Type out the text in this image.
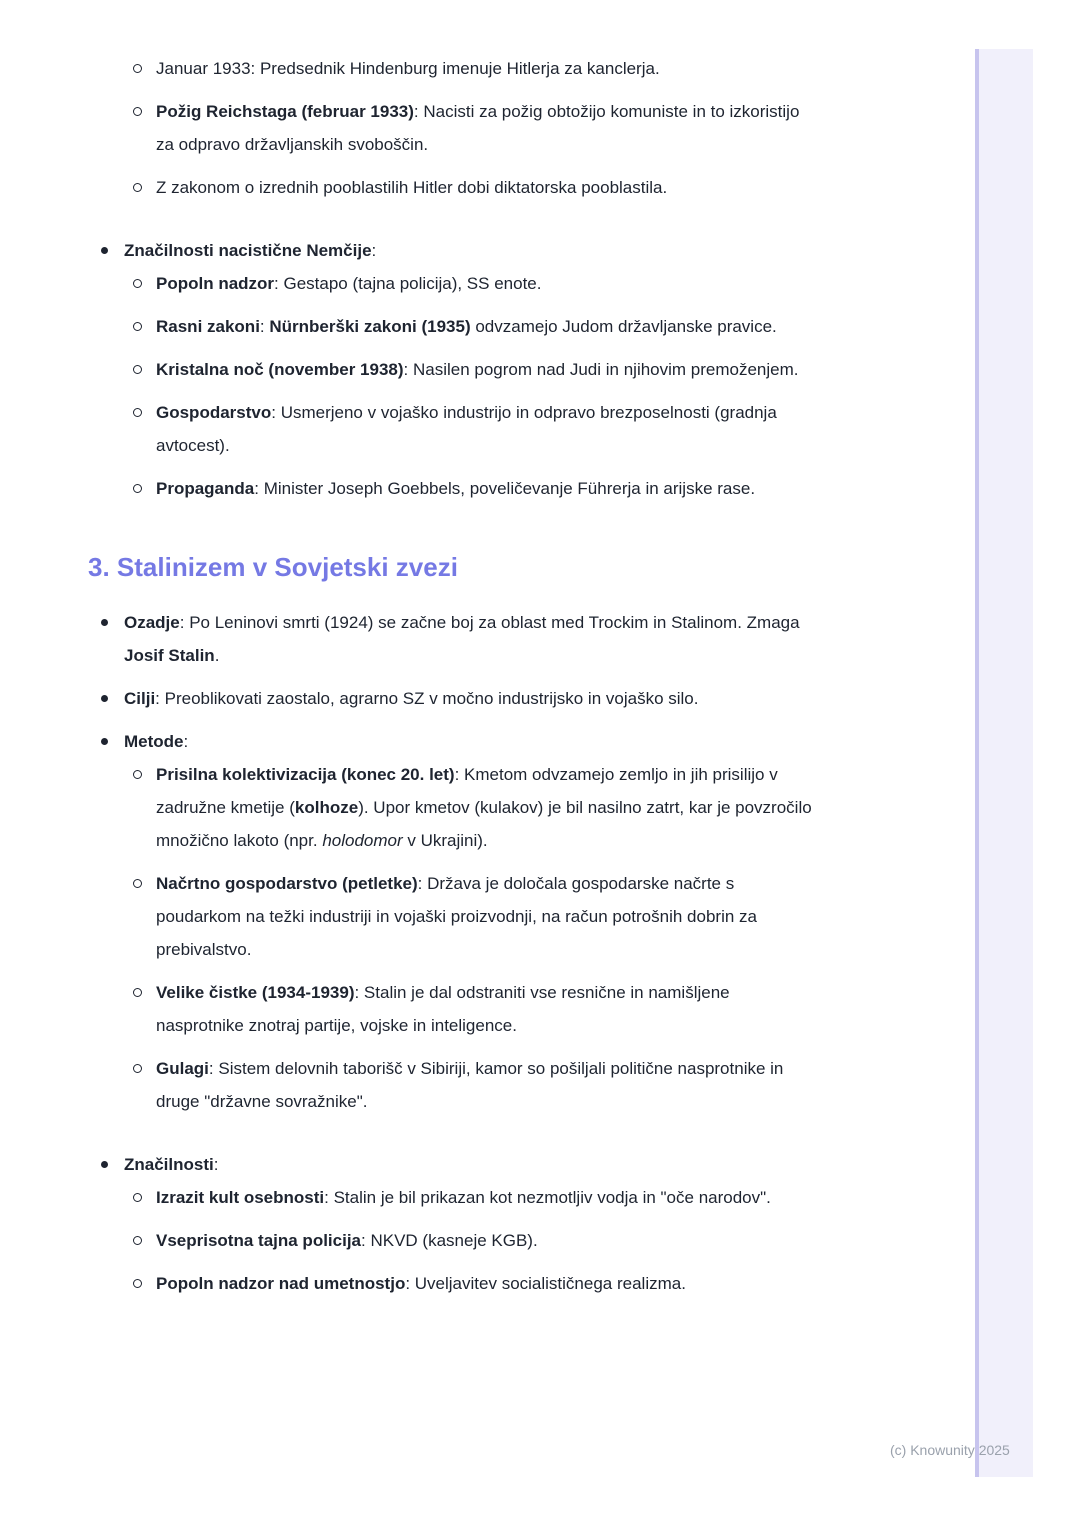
Januar 1933: Predsednik Hindenburg imenuje Hitlerja za kanclerja.
Požig Reichstaga (februar 1933): Nacisti za požig obtožijo komuniste in to izkoristijo za odpravo državljanskih svoboščin.
Z zakonom o izrednih pooblastilih Hitler dobi diktatorska pooblastila.
Značilnosti nacistične Nemčije:
Popoln nadzor: Gestapo (tajna policija), SS enote.
Rasni zakoni: Nürnberški zakoni (1935) odvzamejo Judom državljanske pravice.
Kristalna noč (november 1938): Nasilen pogrom nad Judi in njihovim premoženjem.
Gospodarstvo: Usmerjeno v vojaško industrijo in odpravo brezposelnosti (gradnja avtocest).
Propaganda: Minister Joseph Goebbels, poveličevanje Führerja in arijske rase.
3. Stalinizem v Sovjetski zvezi
Ozadje: Po Leninovi smrti (1924) se začne boj za oblast med Trockim in Stalinom. Zmaga Josif Stalin.
Cilji: Preoblikovati zaostalo, agrarno SZ v močno industrijsko in vojaško silo.
Metode:
Prisilna kolektivizacija (konec 20. let): Kmetom odvzamejo zemljo in jih prisilijo v zadružne kmetije (kolhoze). Upor kmetov (kulakov) je bil nasilno zatrt, kar je povzročilo množično lakoto (npr. holodomor v Ukrajini).
Načrtno gospodarstvo (petletke): Država je določala gospodarske načrte s poudarkom na težki industriji in vojaški proizvodnji, na račun potrošnih dobrin za prebivalstvo.
Velike čistke (1934-1939): Stalin je dal odstraniti vse resnične in namišljene nasprotnike znotraj partije, vojske in inteligence.
Gulagi: Sistem delovnih taborišč v Sibiriji, kamor so pošiljali politične nasprotnike in druge "državne sovražnike".
Značilnosti:
Izrazit kult osebnosti: Stalin je bil prikazan kot nezmotljiv vodja in "oče narodov".
Vseprisotna tajna policija: NKVD (kasneje KGB).
Popoln nadzor nad umetnostjo: Uveljavitev socialističnega realizma.
(c) Knowunity 2025
